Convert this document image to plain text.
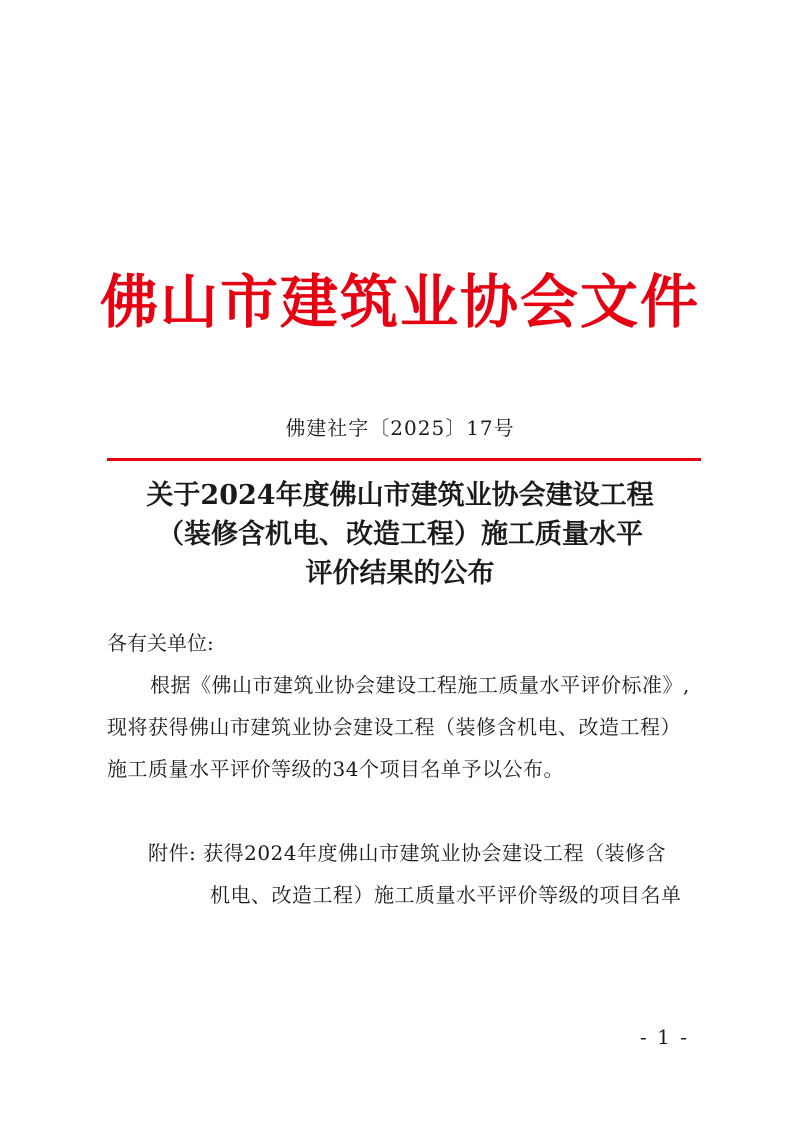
佛山市建筑业协会文件
佛建社字〔2025〕17号
关于2024年度佛山市建筑业协会建设工程
（装修含机电、改造工程）施工质量水平
评价结果的公布
各有关单位:
根据《佛山市建筑业协会建设工程施工质量水平评价标准》,
现将获得佛山市建筑业协会建设工程（装修含机电、改造工程）
施工质量水平评价等级的34个项目名单予以公布。
附件: 获得2024年度佛山市建筑业协会建设工程（装修含
机电、改造工程）施工质量水平评价等级的项目名单
- 1 -
